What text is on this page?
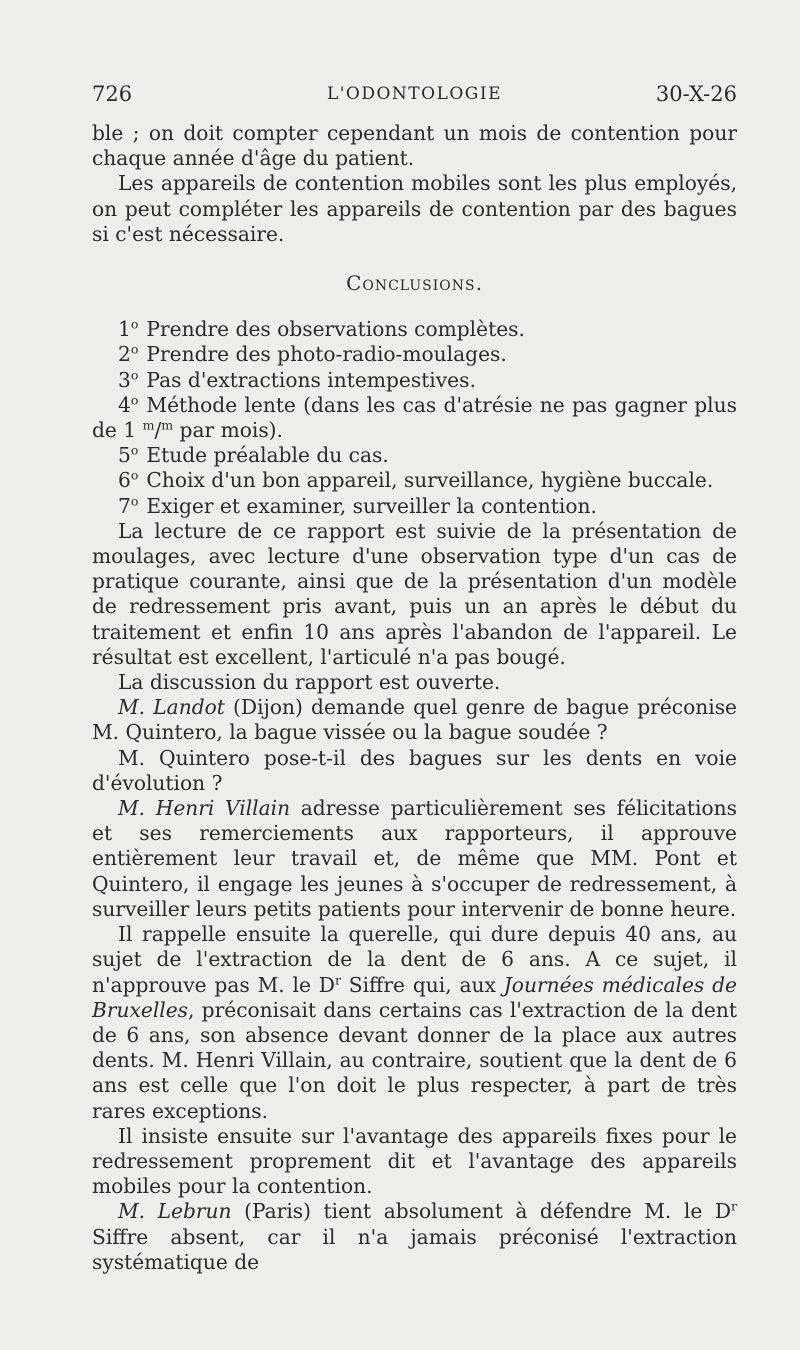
726	L'ODONTOLOGIE	30-X-26

ble ; on doit compter cependant un mois de contention pour chaque année d'âge du patient.

Les appareils de contention mobiles sont les plus employés, on peut compléter les appareils de contention par des bagues si c'est nécessaire.

Conclusions.

1$^o$ Prendre des observations complètes.

2$^o$ Prendre des photo-radio-moulages.

3$^o$ Pas d'extractions intempestives.

4$^o$ Méthode lente (dans les cas d'atrésie ne pas gagner plus de 1 $^m$/$^m$ par mois).

5$^o$ Etude préalable du cas.

6$^o$ Choix d'un bon appareil, surveillance, hygiène buccale.

7$^o$ Exiger et examiner, surveiller la contention.

La lecture de ce rapport est suivie de la présentation de moulages, avec lecture d'une observation type d'un cas de pratique courante, ainsi que de la présentation d'un modèle de redressement pris avant, puis un an après le début du traitement et enfin 10 ans après l'abandon de l'appareil. Le résultat est excellent, l'articulé n'a pas bougé.

La discussion du rapport est ouverte.

M. Landot (Dijon) demande quel genre de bague préconise M. Quintero, la bague vissée ou la bague soudée ?

M. Quintero pose-t-il des bagues sur les dents en voie d'évolution ?

M. Henri Villain adresse particulièrement ses félicitations et ses remerciements aux rapporteurs, il approuve entièrement leur travail et, de même que MM. Pont et Quintero, il engage les jeunes à s'occuper de redressement, à surveiller leurs petits patients pour intervenir de bonne heure.

Il rappelle ensuite la querelle, qui dure depuis 40 ans, au sujet de l'extraction de la dent de 6 ans. A ce sujet, il n'approuve pas M. le $D^r$ Siffre qui, aux Journées médicales de Bruxelles, préconisait dans certains cas l'extraction de la dent de 6 ans, son absence devant donner de la place aux autres dents. M. Henri Villain, au contraire, soutient que la dent de 6 ans est celle que l'on doit le plus respecter, à part de très rares exceptions.

Il insiste ensuite sur l'avantage des appareils fixes pour le redressement proprement dit et l'avantage des appareils mobiles pour la contention.

M. Lebrun (Paris) tient absolument à défendre M. le $D^r$ Siffre absent, car il n'a jamais préconisé l'extraction systématique de
